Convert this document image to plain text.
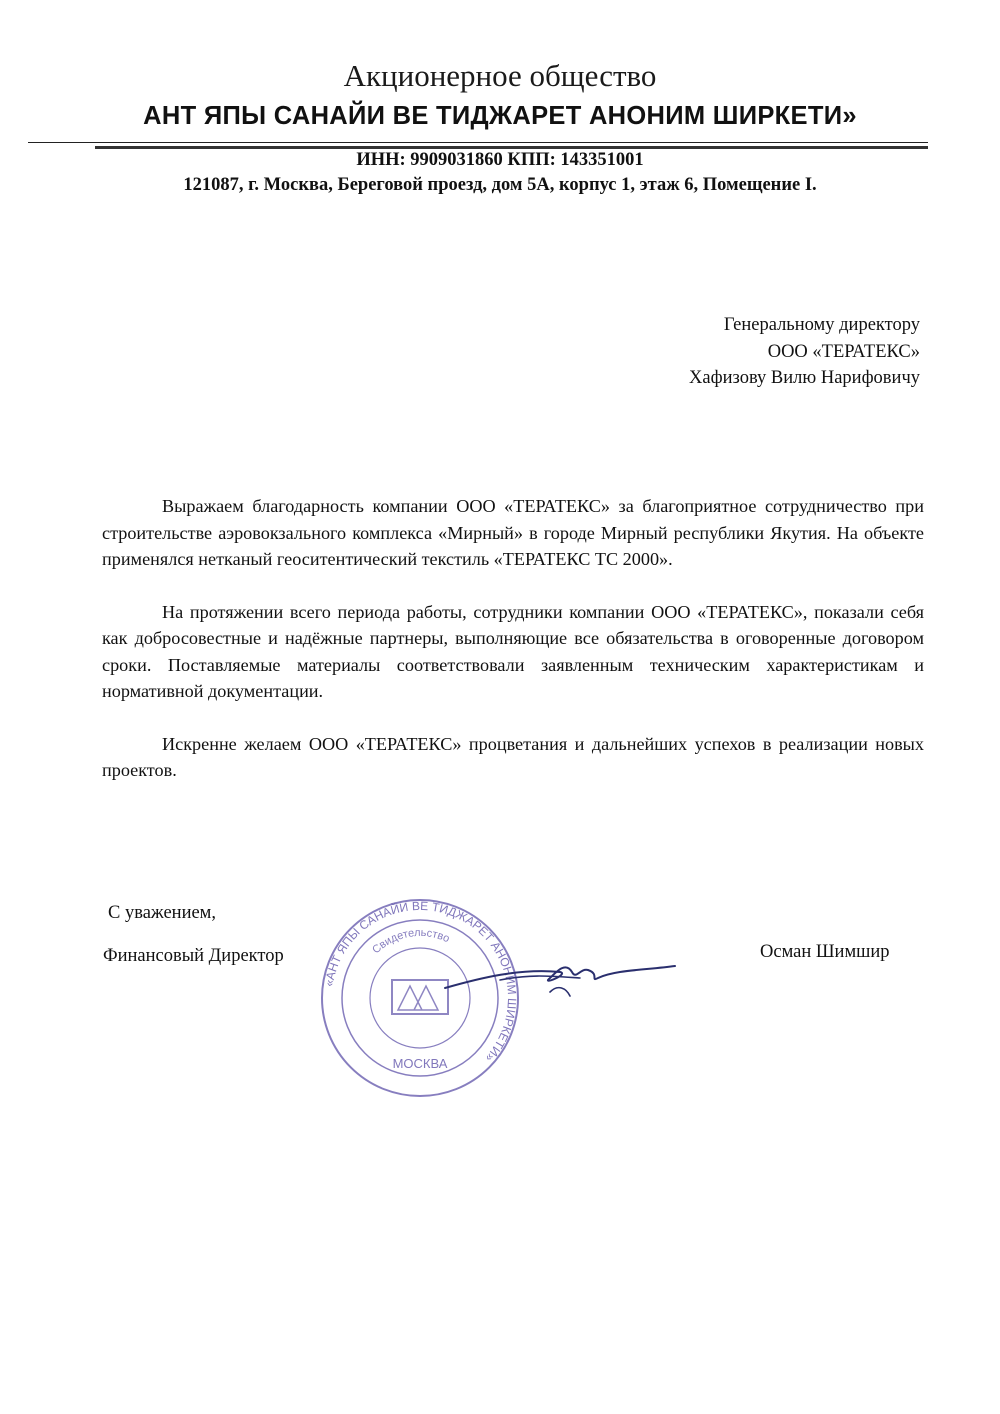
Акционерное общество
АНТ ЯПЫ САНАЙИ ВЕ ТИДЖАРЕТ АНОНИМ ШИРКЕТИ»
ИНН: 9909031860 КПП: 143351001
121087, г. Москва, Береговой проезд, дом 5А, корпус 1, этаж 6, Помещение I.
Генеральному директору
ООО «ТЕРАТЕКС»
Хафизову Вилю Нарифовичу

Выражаем благодарность компании ООО «ТЕРАТЕКС» за благоприятное сотрудничество при строительстве аэровокзального комплекса «Мирный» в городе Мирный республики Якутия. На объекте применялся нетканый геоситентический текстиль «ТЕРАТЕКС ТС 2000».

На протяжении всего периода работы, сотрудники компании ООО «ТЕРАТЕКС», показали себя как добросовестные и надёжные партнеры, выполняющие все обязательства в оговоренные договором сроки. Поставляемые материалы соответствовали заявленным техническим характеристикам и нормативной документации.

Искренне желаем ООО «ТЕРАТЕКС» процветания и дальнейших успехов в реализации новых проектов.

С уважением,
Финансовый Директор	Осман Шимшир
«АНТ ЯПЫ САНАЙИ ВЕ ТИДЖАРЕТ АНОНИМ ШИРКЕТИ»
Свидетельство
МОСКВА
